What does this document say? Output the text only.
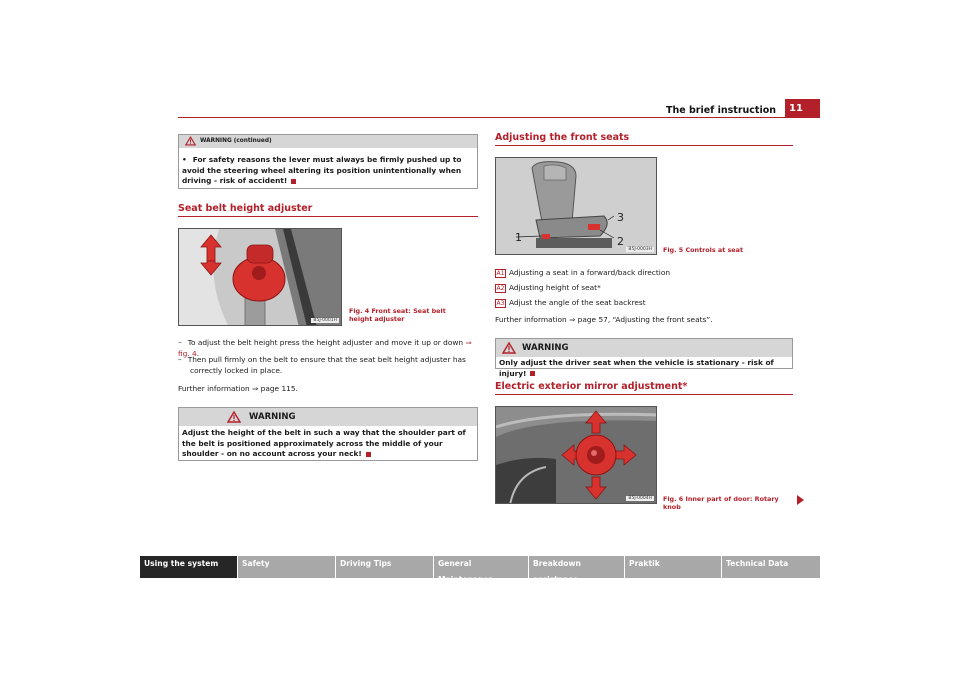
The brief instruction	11
WARNING (continued)
• For safety reasons the lever must always be firmly pushed up to avoid the steering wheel altering its position unintentionally when driving - risk of accident!
Seat belt height adjuster
B5J-0001H
Fig. 4 Front seat: Seat belt height adjuster
– To adjust the belt height press the height adjuster and move it up or down ⇒ fig. 4.
– Then pull firmly on the belt to ensure that the seat belt height adjuster has correctly locked in place.
Further information ⇒ page 115.
WARNING
Adjust the height of the belt in such a way that the shoulder part of the belt is positioned approximately across the middle of your shoulder - on no account across your neck!
Adjusting the front seats
1	2
3
B5J-0003H	Fig. 5 Controls at seat
A1 Adjusting a seat in a forward/back direction
A2 Adjusting height of seat*
A3 Adjust the angle of the seat backrest
Further information ⇒ page 57, “Adjusting the front seats”.
WARNING
Only adjust the driver seat when the vehicle is stationary - risk of injury!
Electric exterior mirror adjustment*
B5J-0004H	Fig. 6 Inner part of door: Rotary knob
Using the system	Safety	Driving Tips	General Maintenance
Breakdown assistance
Praktik	Technical Data
